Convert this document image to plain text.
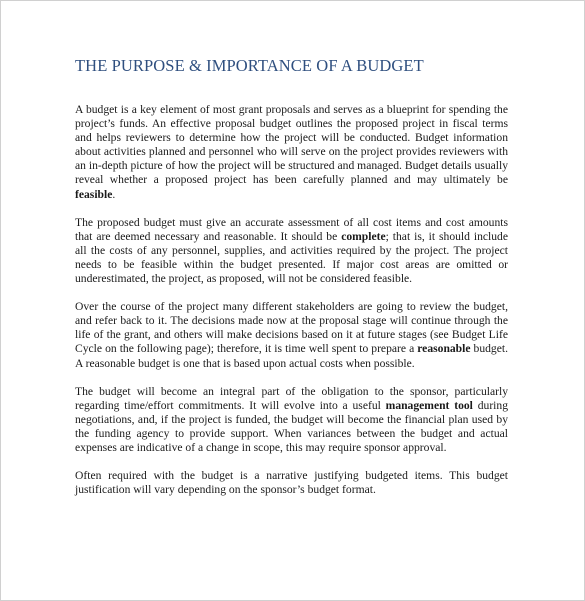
THE PURPOSE & IMPORTANCE OF A BUDGET

A budget is a key element of most grant proposals and serves as a blueprint for spending the project’s funds. An effective proposal budget outlines the proposed project in fiscal terms and helps reviewers to determine how the project will be conducted. Budget information about activities planned and personnel who will serve on the project provides reviewers with an in-depth picture of how the project will be structured and managed. Budget details usually reveal whether a proposed project has been carefully planned and may ultimately be feasible.

The proposed budget must give an accurate assessment of all cost items and cost amounts that are deemed necessary and reasonable. It should be complete; that is, it should include all the costs of any personnel, supplies, and activities required by the project. The project needs to be feasible within the budget presented. If major cost areas are omitted or underestimated, the project, as proposed, will not be considered feasible.

Over the course of the project many different stakeholders are going to review the budget, and refer back to it. The decisions made now at the proposal stage will continue through the life of the grant, and others will make decisions based on it at future stages (see Budget Life Cycle on the following page); therefore, it is time well spent to prepare a reasonable budget. A reasonable budget is one that is based upon actual costs when possible.

The budget will become an integral part of the obligation to the sponsor, particularly regarding time/effort commitments. It will evolve into a useful management tool during negotiations, and, if the project is funded, the budget will become the financial plan used by the funding agency to provide support. When variances between the budget and actual expenses are indicative of a change in scope, this may require sponsor approval.

Often required with the budget is a narrative justifying budgeted items. This budget justification will vary depending on the sponsor’s budget format.
